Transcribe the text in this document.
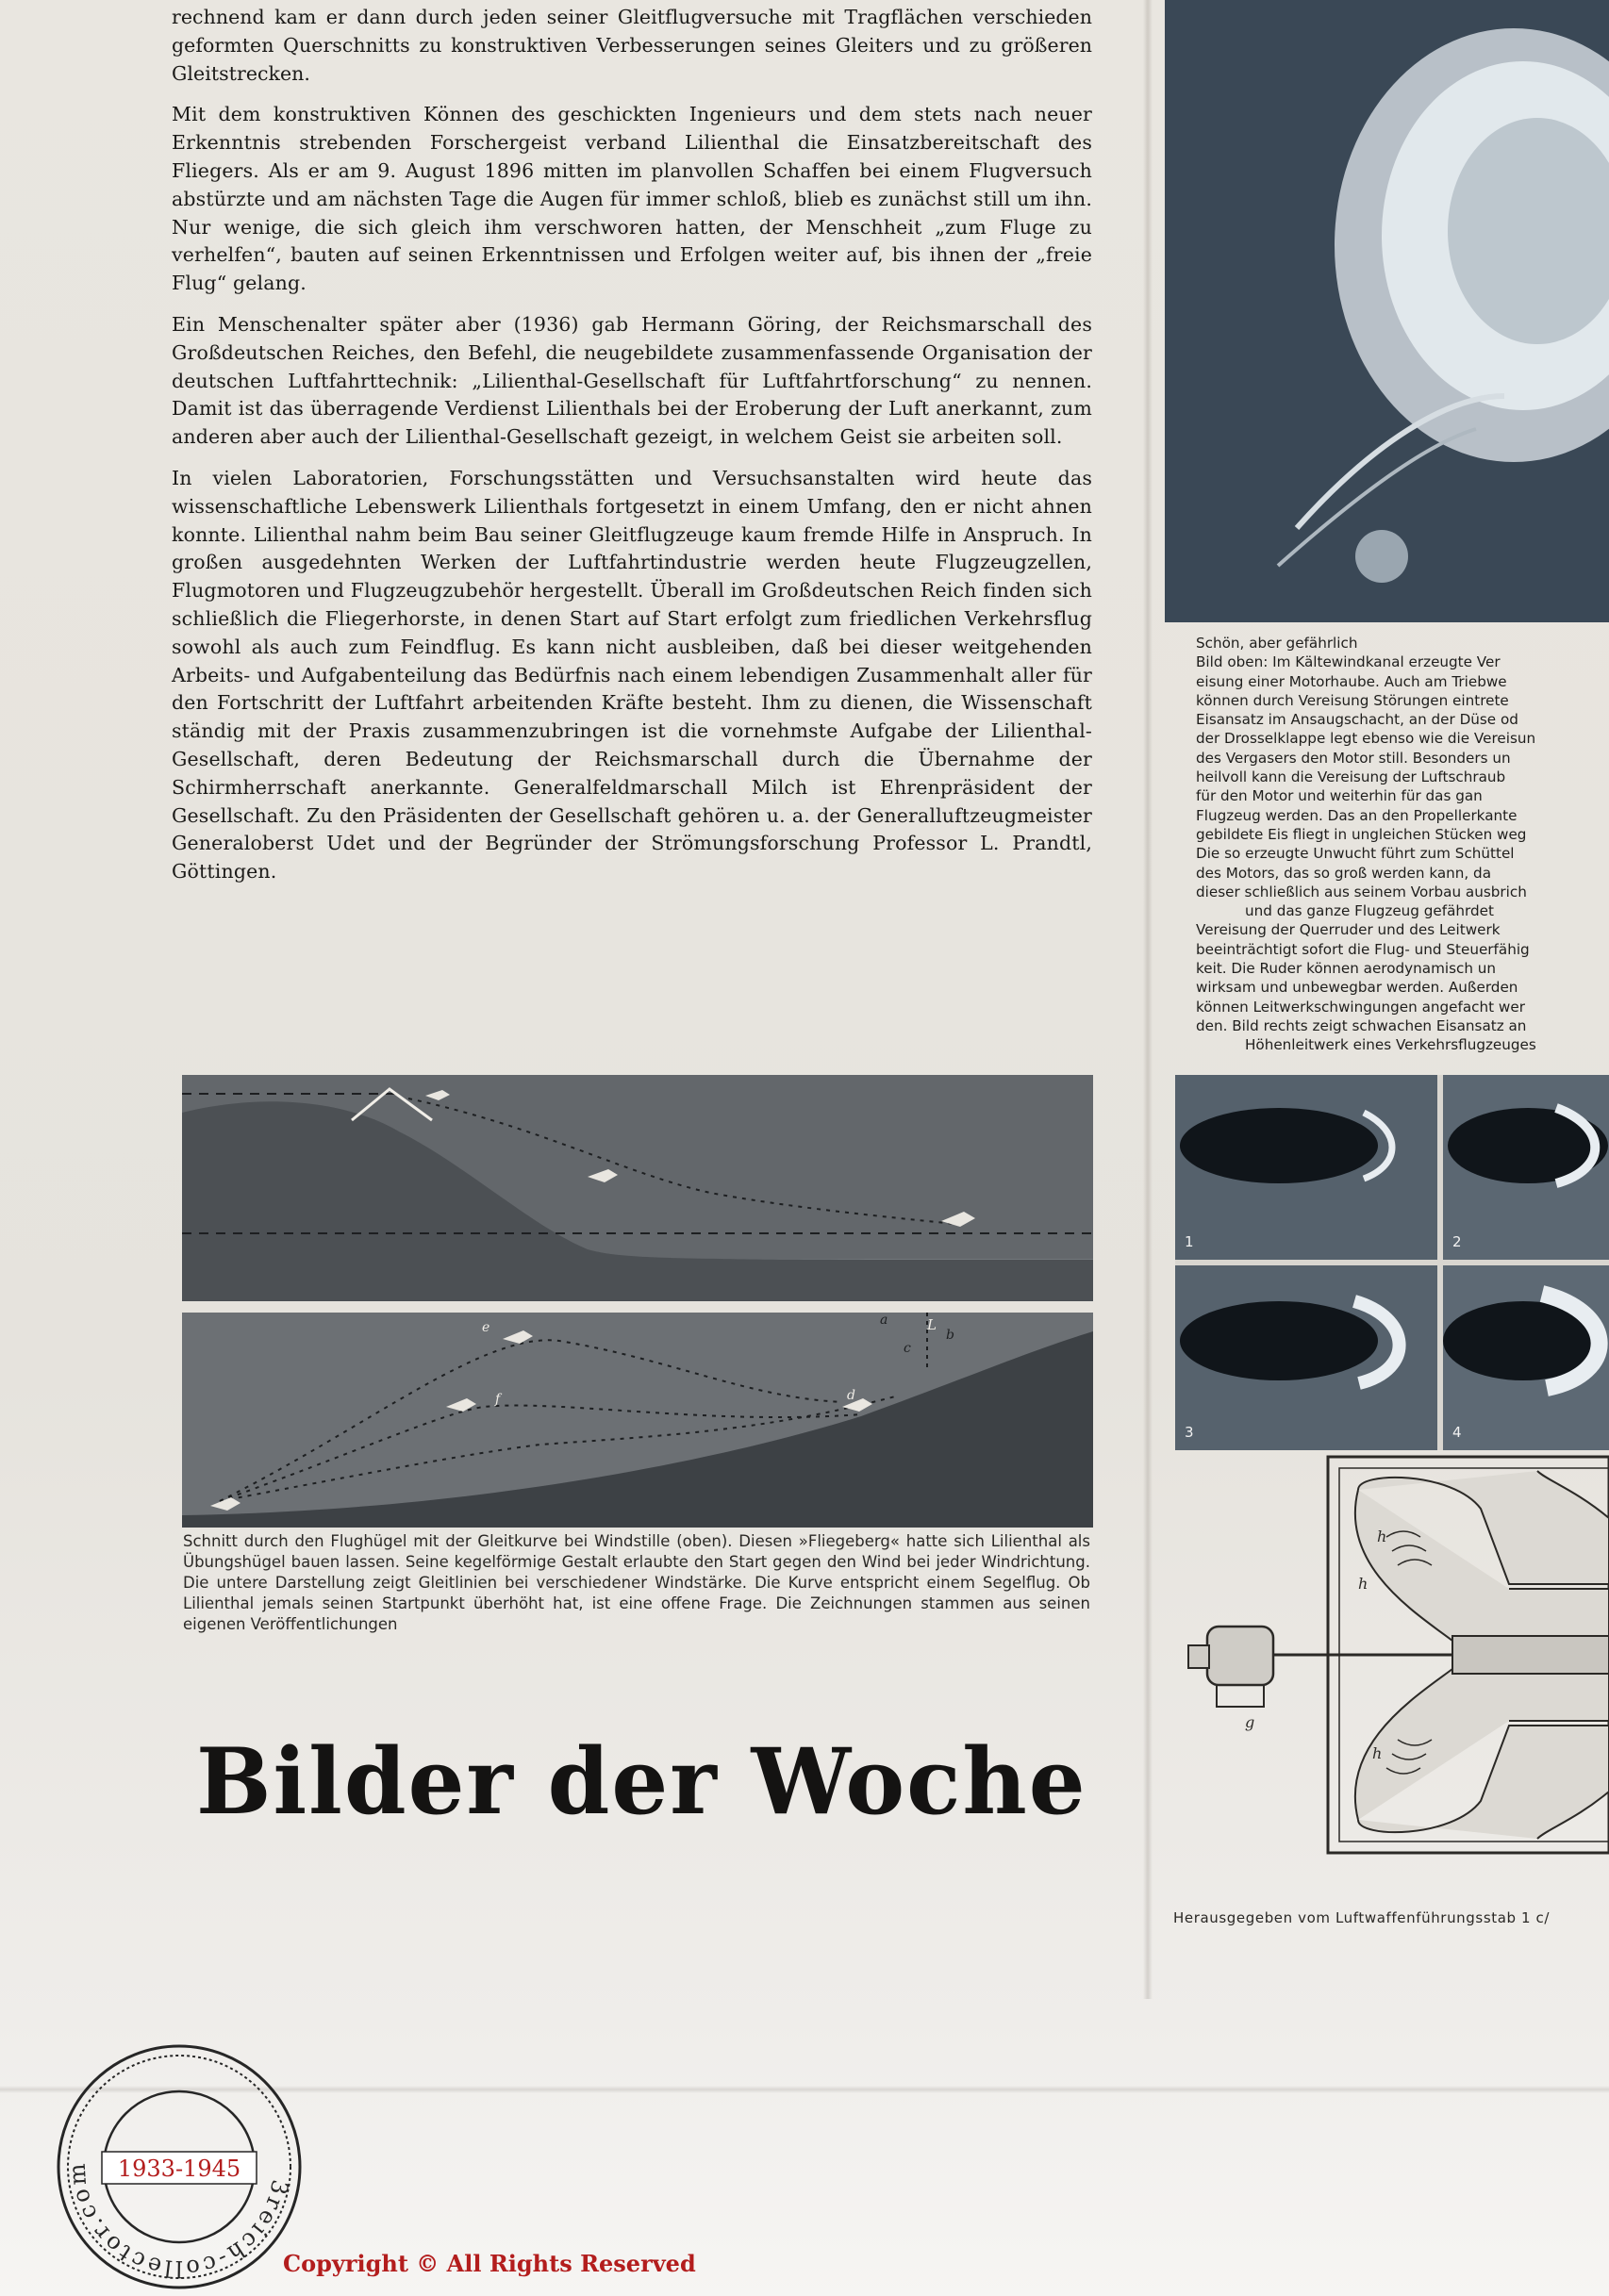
rechnend kam er dann durch jeden seiner Gleitflugversuche mit Tragflächen verschieden geformten Querschnitts zu konstruktiven Verbesserungen seines Gleiters und zu größeren Gleitstrecken.

Mit dem konstruktiven Können des geschickten Ingenieurs und dem stets nach neuer Erkenntnis strebenden Forschergeist verband Lilienthal die Einsatzbereitschaft des Fliegers. Als er am 9. August 1896 mitten im planvollen Schaffen bei einem Flugversuch abstürzte und am nächsten Tage die Augen für immer schloß, blieb es zunächst still um ihn. Nur wenige, die sich gleich ihm verschworen hatten, der Menschheit „zum Fluge zu verhelfen“, bauten auf seinen Erkenntnissen und Erfolgen weiter auf, bis ihnen der „freie Flug“ gelang.

Ein Menschenalter später aber (1936) gab Hermann Göring, der Reichsmarschall des Großdeutschen Reiches, den Befehl, die neugebildete zusammenfassende Organisation der deutschen Luftfahrttechnik: „Lilienthal-Gesellschaft für Luftfahrtforschung“ zu nennen. Damit ist das überragende Verdienst Lilienthals bei der Eroberung der Luft anerkannt, zum anderen aber auch der Lilienthal-Gesellschaft gezeigt, in welchem Geist sie arbeiten soll.

In vielen Laboratorien, Forschungsstätten und Versuchsanstalten wird heute das wissenschaftliche Lebenswerk Lilienthals fortgesetzt in einem Umfang, den er nicht ahnen konnte. Lilienthal nahm beim Bau seiner Gleitflugzeuge kaum fremde Hilfe in Anspruch. In großen ausgedehnten Werken der Luftfahrtindustrie werden heute Flugzeugzellen, Flugmotoren und Flugzeugzubehör hergestellt. Überall im Großdeutschen Reich finden sich schließlich die Fliegerhorste, in denen Start auf Start erfolgt zum friedlichen Verkehrsflug sowohl als auch zum Feindflug. Es kann nicht ausbleiben, daß bei dieser weitgehenden Arbeits- und Aufgabenteilung das Bedürfnis nach einem lebendigen Zusammenhalt aller für den Fortschritt der Luftfahrt arbeitenden Kräfte besteht. Ihm zu dienen, die Wissenschaft ständig mit der Praxis zusammenzubringen ist die vornehmste Aufgabe der Lilienthal-Gesellschaft, deren Bedeutung der Reichsmarschall durch die Übernahme der Schirmherrschaft anerkannte. Generalfeldmarschall Milch ist Ehrenpräsident der Gesellschaft. Zu den Präsidenten der Gesellschaft gehören u. a. der Generalluftzeugmeister Generaloberst Udet und der Begründer der Strömungsforschung Professor L. Prandtl, Göttingen.

L
a
b
c
d
e
f

Schnitt durch den Flughügel mit der Gleitkurve bei Windstille (oben). Diesen »Fliegeberg« hatte sich Lilienthal als Übungshügel bauen lassen. Seine kegelförmige Gestalt erlaubte den Start gegen den Wind bei jeder Windrichtung. Die untere Darstellung zeigt Gleitlinien bei verschiedener Windstärke. Die Kurve entspricht einem Segelflug. Ob Lilienthal jemals seinen Startpunkt überhöht hat, ist eine offene Frage. Die Zeichnungen stammen aus seinen eigenen Veröffentlichungen

Bilder der Woche
Schön, aber gefährlich
Bild oben: Im Kältewindkanal erzeugte Ver
eisung einer Motorhaube. Auch am Triebwe
können durch Vereisung Störungen eintrete
Eisansatz im Ansaugschacht, an der Düse od
der Drosselklappe legt ebenso wie die Vereisun
des Vergasers den Motor still. Besonders un
heilvoll kann die Vereisung der Luftschraub
für den Motor und weiterhin für das gan
Flugzeug werden. Das an den Propellerkante
gebildete Eis fliegt in ungleichen Stücken weg
Die so erzeugte Unwucht führt zum Schüttel
des Motors, das so groß werden kann, da
dieser schließlich aus seinem Vorbau ausbrich
und das ganze Flugzeug gefährdet
Vereisung der Querruder und des Leitwerk
beeinträchtigt sofort die Flug- und Steuerfähig
keit. Die Ruder können aerodynamisch un
wirksam und unbewegbar werden. Außerden
können Leitwerkschwingungen angefacht wer
den. Bild rechts zeigt schwachen Eisansatz an
Höhenleitwerk eines Verkehrsflugzeuges
1	2
3	4
h
h
g
h

Herausgegeben vom Luftwaffenführungsstab 1 c/

1933-1945
3reich-collector.com

Copyright © All Rights Reserved
